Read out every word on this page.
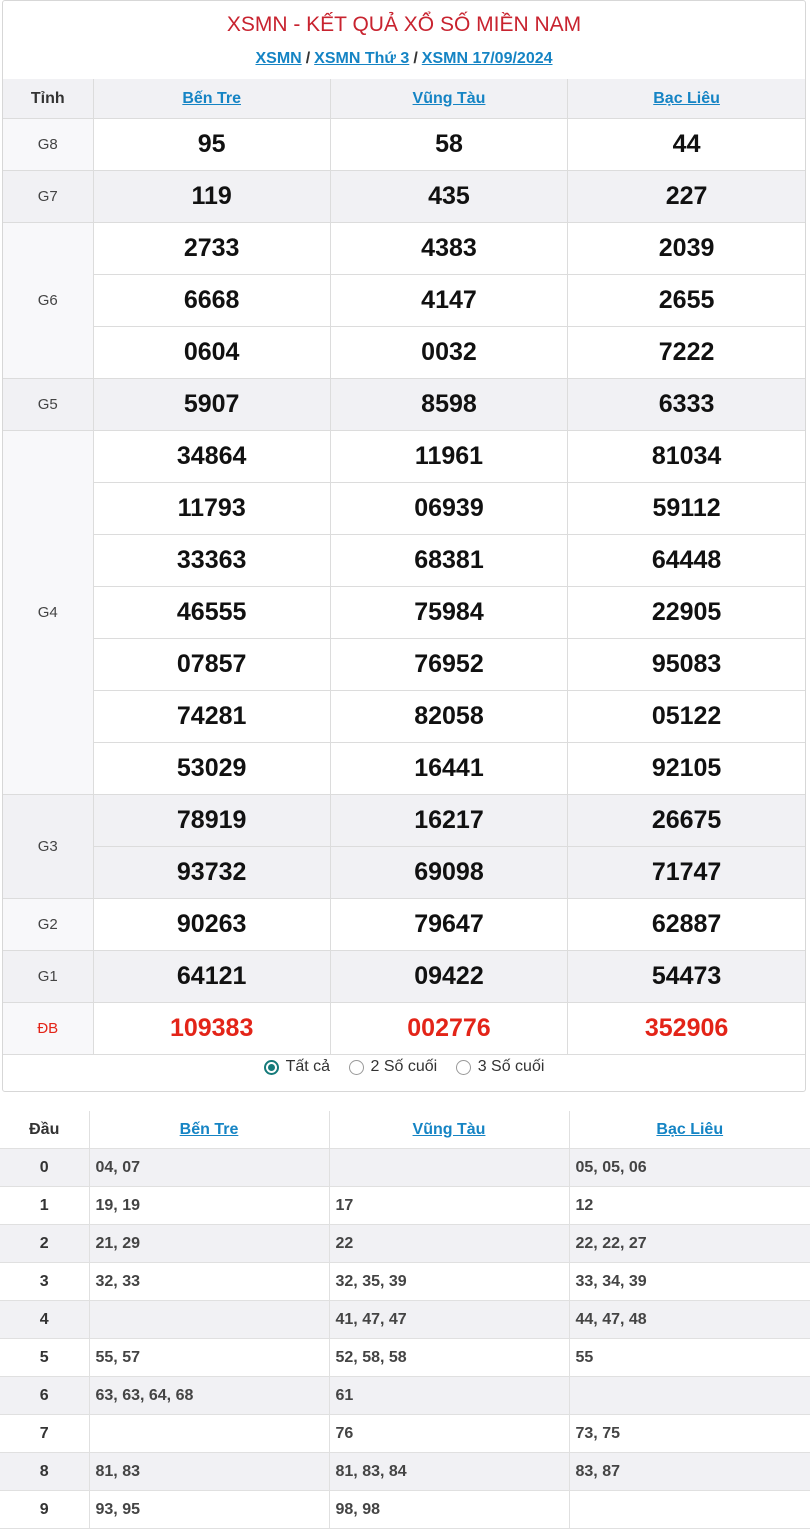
XSMN - KẾT QUẢ XỔ SỐ MIỀN NAM
XSMN / XSMN Thứ 3 / XSMN 17/09/2024
Tỉnh	Bến Tre	Vũng Tàu	Bạc Liêu
G8	95	58	44
G7	119	435	227
G6	2733	4383	2039
	6668	4147	2655
	0604	0032	7222
G5	5907	8598	6333
G4	34864	11961	81034
	11793	06939	59112
	33363	68381	64448
	46555	75984	22905
	07857	76952	95083
	74281	82058	05122
	53029	16441	92105
G3	78919	16217	26675
	93732	69098	71747
G2	90263	79647	62887
G1	64121	09422	54473
ĐB	109383	002776	352906
Tất cả
	2 Số cuối
	3 Số cuối
Đầu	Bến Tre	Vũng Tàu	Bạc Liêu
0	04, 07		05, 05, 06
1	19, 19	17	12
2	21, 29	22	22, 22, 27
3	32, 33	32, 35, 39	33, 34, 39
4		41, 47, 47	44, 47, 48
5	55, 57	52, 58, 58	55
6	63, 63, 64, 68	61	
7		76	73, 75
8	81, 83	81, 83, 84	83, 87
9	93, 95	98, 98	
